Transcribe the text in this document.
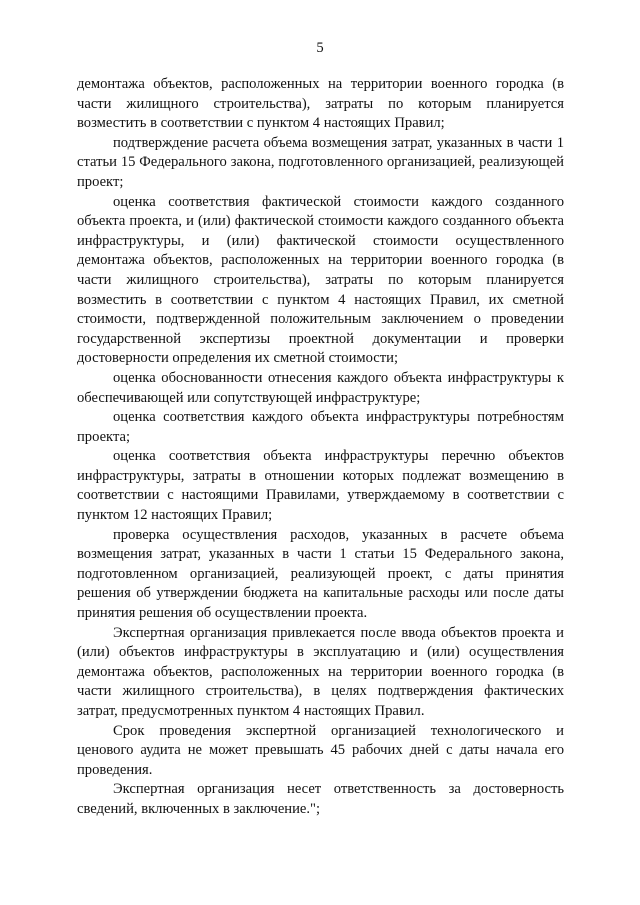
5

демонтажа объектов, расположенных на территории военного городка (в части жилищного строительства), затраты по которым планируется возместить в соответствии с пунктом 4 настоящих Правил;

подтверждение расчета объема возмещения затрат, указанных в части 1 статьи 15 Федерального закона, подготовленного организацией, реализующей проект;

оценка соответствия фактической стоимости каждого созданного объекта проекта, и (или) фактической стоимости каждого созданного объекта инфраструктуры, и (или) фактической стоимости осуществленного демонтажа объектов, расположенных на территории военного городка (в части жилищного строительства), затраты по которым планируется возместить в соответствии с пунктом 4 настоящих Правил, их сметной стоимости, подтвержденной положительным заключением о проведении государственной экспертизы проектной документации и проверки достоверности определения их сметной стоимости;

оценка обоснованности отнесения каждого объекта инфраструктуры к обеспечивающей или сопутствующей инфраструктуре;

оценка соответствия каждого объекта инфраструктуры потребностям проекта;

оценка соответствия объекта инфраструктуры перечню объектов инфраструктуры, затраты в отношении которых подлежат возмещению в соответствии с настоящими Правилами, утверждаемому в соответствии с пунктом 12 настоящих Правил;

проверка осуществления расходов, указанных в расчете объема возмещения затрат, указанных в части 1 статьи 15 Федерального закона, подготовленном организацией, реализующей проект, с даты принятия решения об утверждении бюджета на капитальные расходы или после даты принятия решения об осуществлении проекта.

Экспертная организация привлекается после ввода объектов проекта и (или) объектов инфраструктуры в эксплуатацию и (или) осуществления демонтажа объектов, расположенных на территории военного городка (в части жилищного строительства), в целях подтверждения фактических затрат, предусмотренных пунктом 4 настоящих Правил.

Срок проведения экспертной организацией технологического и ценового аудита не может превышать 45 рабочих дней с даты начала его проведения.

Экспертная организация несет ответственность за достоверность сведений, включенных в заключение.";
